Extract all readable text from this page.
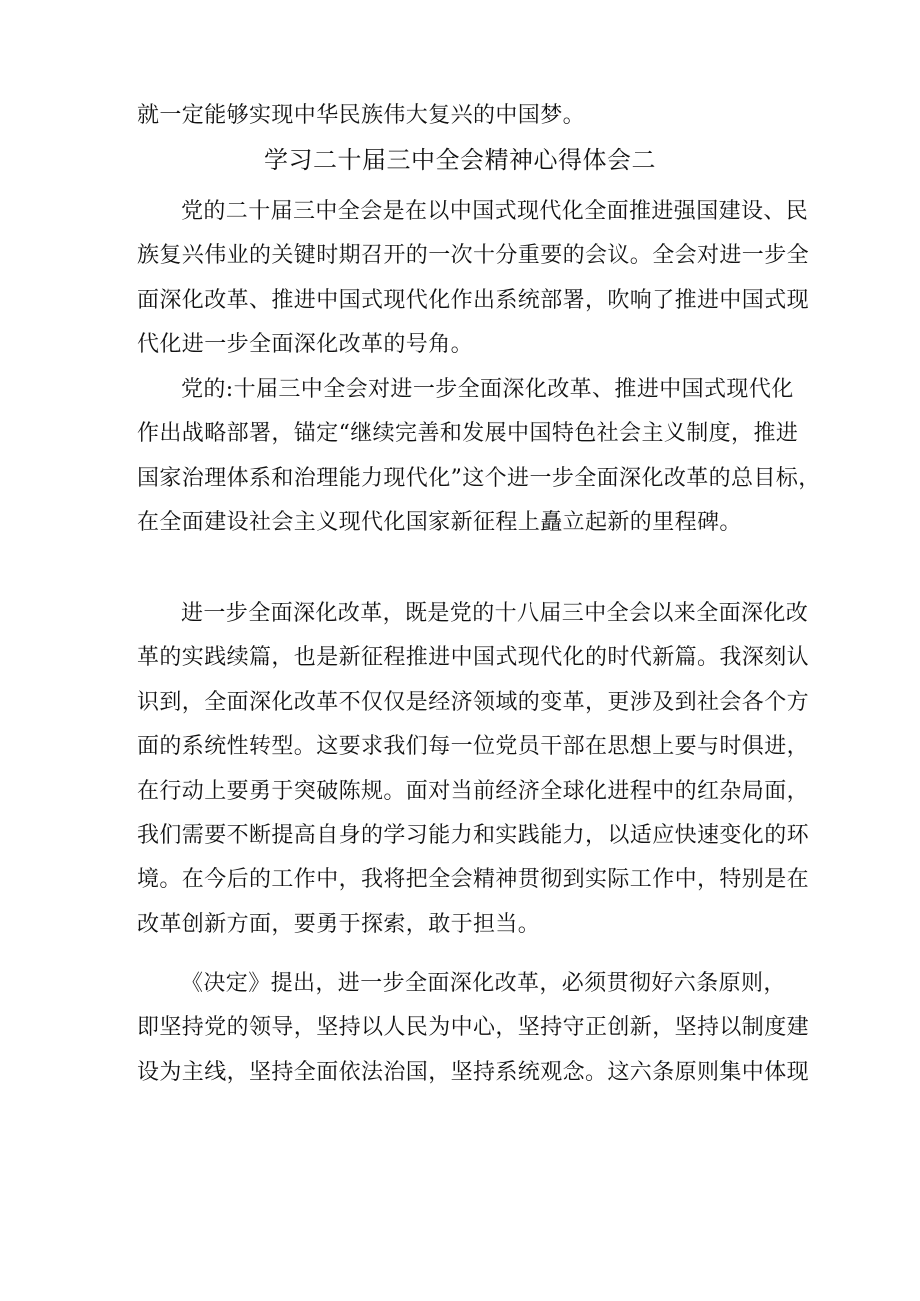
就一定能够实现中华民族伟大复兴的中国梦。
学习二十届三中全会精神心得体会二
党的二十届三中全会是在以中国式现代化全面推进强国建设、民
族复兴伟业的关键时期召开的一次十分重要的会议。全会对进一步全
面深化改革、推进中国式现代化作出系统部署，吹响了推进中国式现
代化进一步全面深化改革的号角。
党的:十届三中全会对进一步全面深化改革、推进中国式现代化
作出战略部署，锚定“继续完善和发展中国特色社会主义制度，推进
国家治理体系和治理能力现代化”这个进一步全面深化改革的总目标，
在全面建设社会主义现代化国家新征程上矗立起新的里程碑。
进一步全面深化改革，既是党的十八届三中全会以来全面深化改
革的实践续篇，也是新征程推进中国式现代化的时代新篇。我深刻认
识到，全面深化改革不仅仅是经济领域的变革，更涉及到社会各个方
面的系统性转型。这要求我们每一位党员干部在思想上要与时俱进，
在行动上要勇于突破陈规。面对当前经济全球化进程中的红杂局面，
我们需要不断提高自身的学习能力和实践能力，以适应快速变化的环
境。在今后的工作中，我将把全会精神贯彻到实际工作中，特别是在
改革创新方面，要勇于探索，敢于担当。
《决定》提出，进一步全面深化改革，必须贯彻好六条原则，
即坚持党的领导，坚持以人民为中心，坚持守正创新，坚持以制度建
设为主线，坚持全面依法治国，坚持系统观念。这六条原则集中体现
